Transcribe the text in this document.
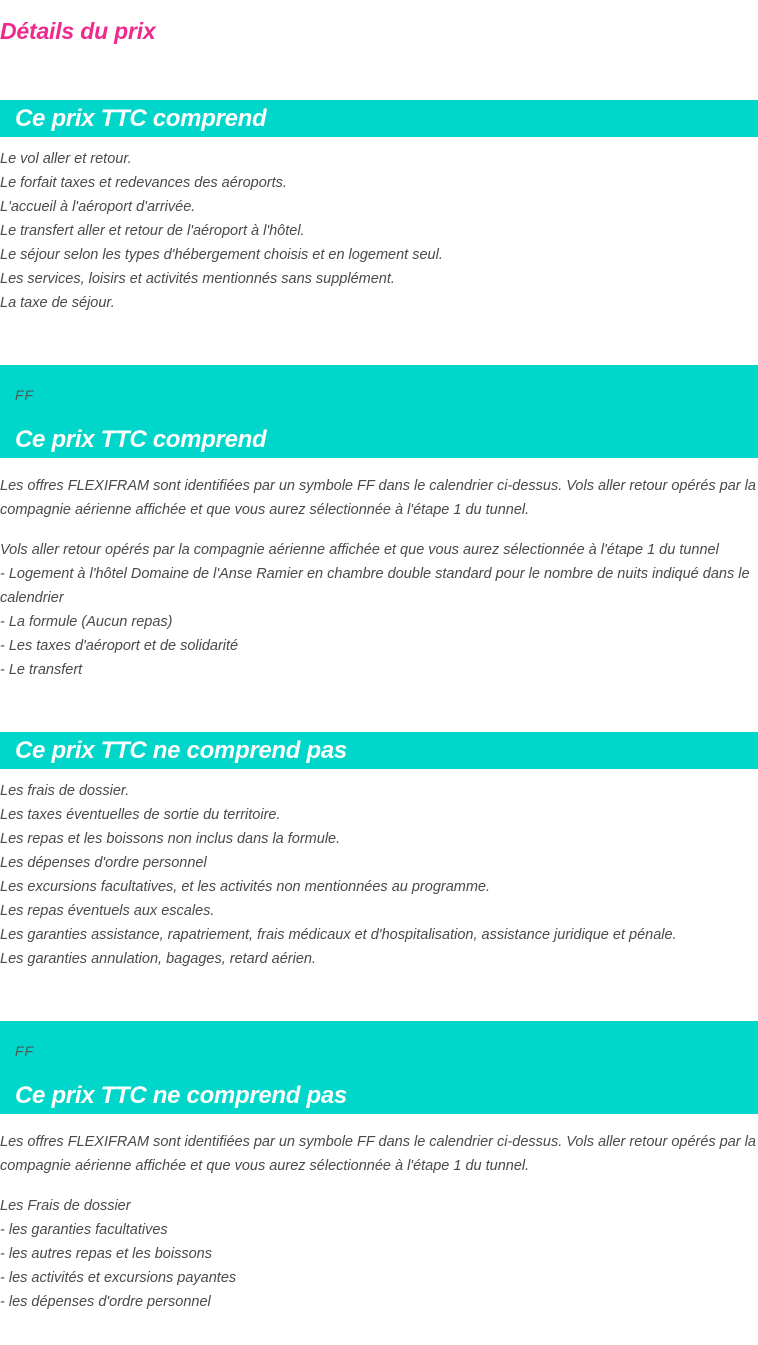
Détails du prix
Ce prix TTC comprend
Le vol aller et retour.
Le forfait taxes et redevances des aéroports.
L'accueil à l'aéroport d'arrivée.
Le transfert aller et retour de l'aéroport à l'hôtel.
Le séjour selon les types d'hébergement choisis et en logement seul.
Les services, loisirs et activités mentionnés sans supplément.
La taxe de séjour.
FF
Ce prix TTC comprend

Les offres FLEXIFRAM sont identifiées par un symbole FF dans le calendrier ci-dessus. Vols aller retour opérés par la compagnie aérienne affichée et que vous aurez sélectionnée à l'étape 1 du tunnel.

Vols aller retour opérés par la compagnie aérienne affichée et que vous aurez sélectionnée à l'étape 1 du tunnel
- Logement à l'hôtel Domaine de l'Anse Ramier en chambre double standard pour le nombre de nuits indiqué dans le calendrier
- La formule (Aucun repas)
- Les taxes d'aéroport et de solidarité
- Le transfert
Ce prix TTC ne comprend pas
Les frais de dossier.
Les taxes éventuelles de sortie du territoire.
Les repas et les boissons non inclus dans la formule.
Les dépenses d'ordre personnel
Les excursions facultatives, et les activités non mentionnées au programme.
Les repas éventuels aux escales.
Les garanties assistance, rapatriement, frais médicaux et d'hospitalisation, assistance juridique et pénale.
Les garanties annulation, bagages, retard aérien.
FF
Ce prix TTC ne comprend pas

Les offres FLEXIFRAM sont identifiées par un symbole FF dans le calendrier ci-dessus. Vols aller retour opérés par la compagnie aérienne affichée et que vous aurez sélectionnée à l'étape 1 du tunnel.

Les Frais de dossier
- les garanties facultatives
- les autres repas et les boissons
- les activités et excursions payantes
- les dépenses d'ordre personnel
